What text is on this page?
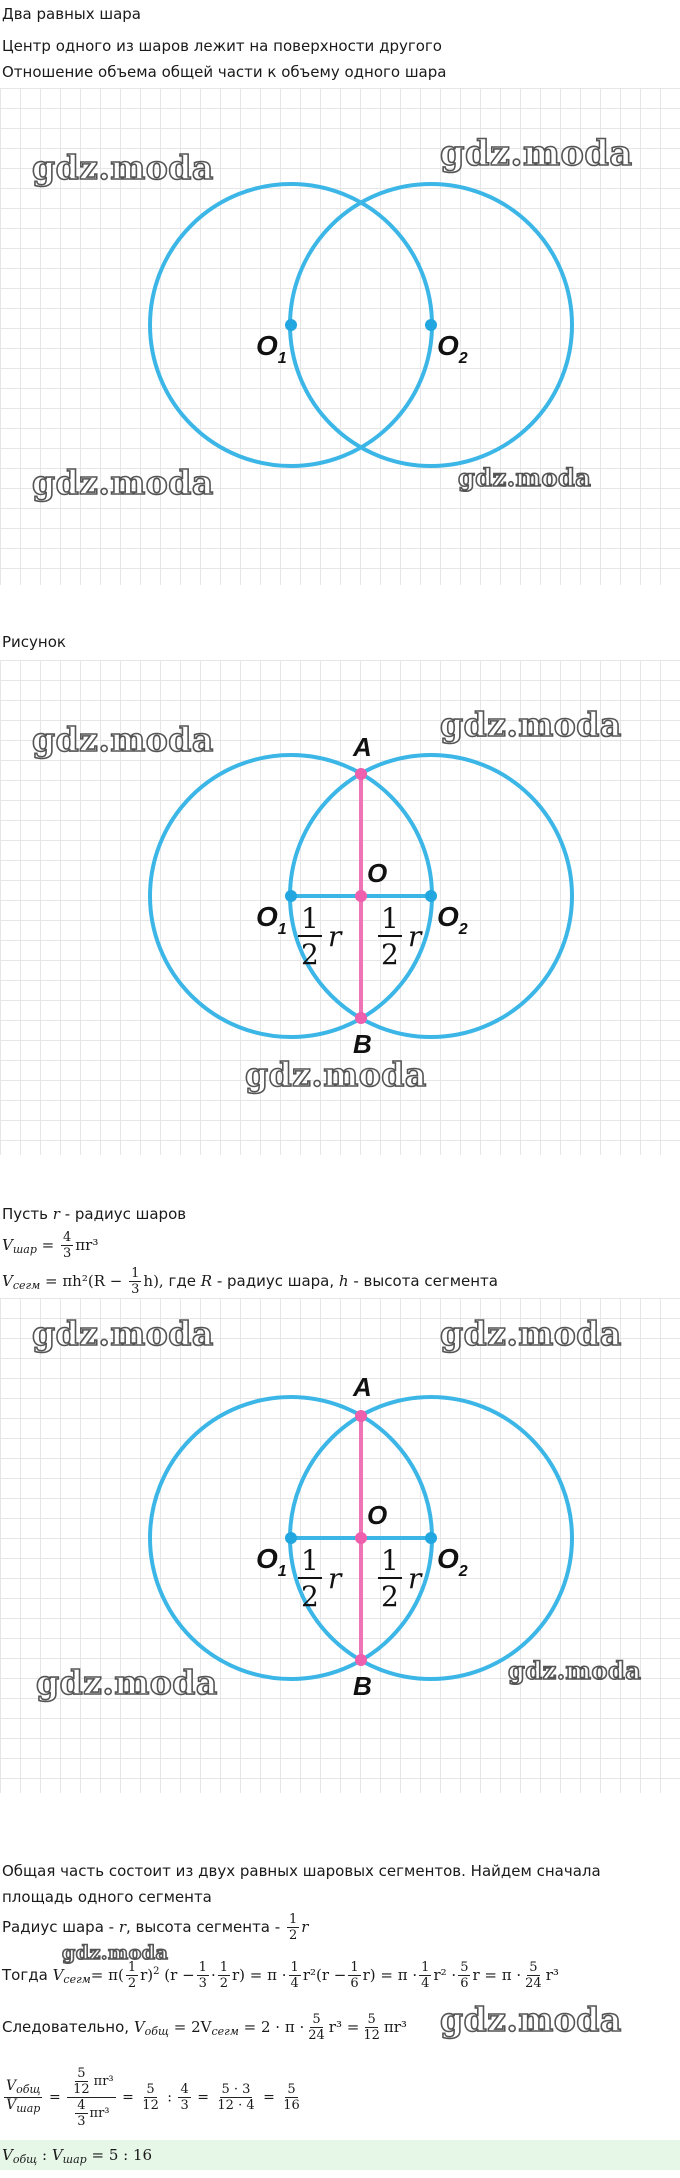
Два равных шара
Центр одного из шаров лежит на поверхности другого
Отношение объема общей части к объему одного шара
gdz.moda	gdz.moda
gdz.moda	gdz.moda
$O_1$	$O_2$
Рисунок
gdz.moda	gdz.moda
gdz.moda
A
O
B
$O_1$	$O_2$
1
2
r
1
2
r
Пусть r - радиус шаров
$V_{шар} = \frac{4}{3} \pi r^3$
$V_{сегм} = \pi h^2(R - \frac{1}{3} h)$, где R - радиус шара, h - высота сегмента
gdz.moda	gdz.moda
gdz.moda	gdz.moda
A
O
B
$O_1$	$O_2$
1
2
r
1
2
r
Общая часть состоит из двух равных шаровых сегментов. Найдем сначала площадь одного сегмента
Радиус шара - r, высота сегмента - $\frac{1}{2}$ r
gdz.moda
Тогда $V_{сегм}= \pi( \frac{1}{2} r)^2$ $(r - \frac{1}{3} \cdot \frac{1}{2} r) = \pi \cdot \frac{1}{4} r^2(r - \frac{1}{6} r) = \pi \cdot \frac{1}{4} r^2 \cdot \frac{5}{6}$ $r = \pi \cdot \frac{5}{24} r^3$
Следовательно, $V_{общ} = 2V_{сегм} = 2 \cdot \pi \cdot \frac{5}{24} r^3 = \frac{5}{12} \pi r^3$ gdz.moda
$\frac{V_{общ}}{V_{шар}} = \frac{\frac{5}{12} \pi r^3}{\frac{4}{3} \pi r^3} = \frac{5}{12}$ : $\frac{4}{3} = \frac{5 \cdot 3}{12 \cdot 4} = \frac{5}{16}$
$V_{общ}$ : $V_{шар} = 5$ : 16
